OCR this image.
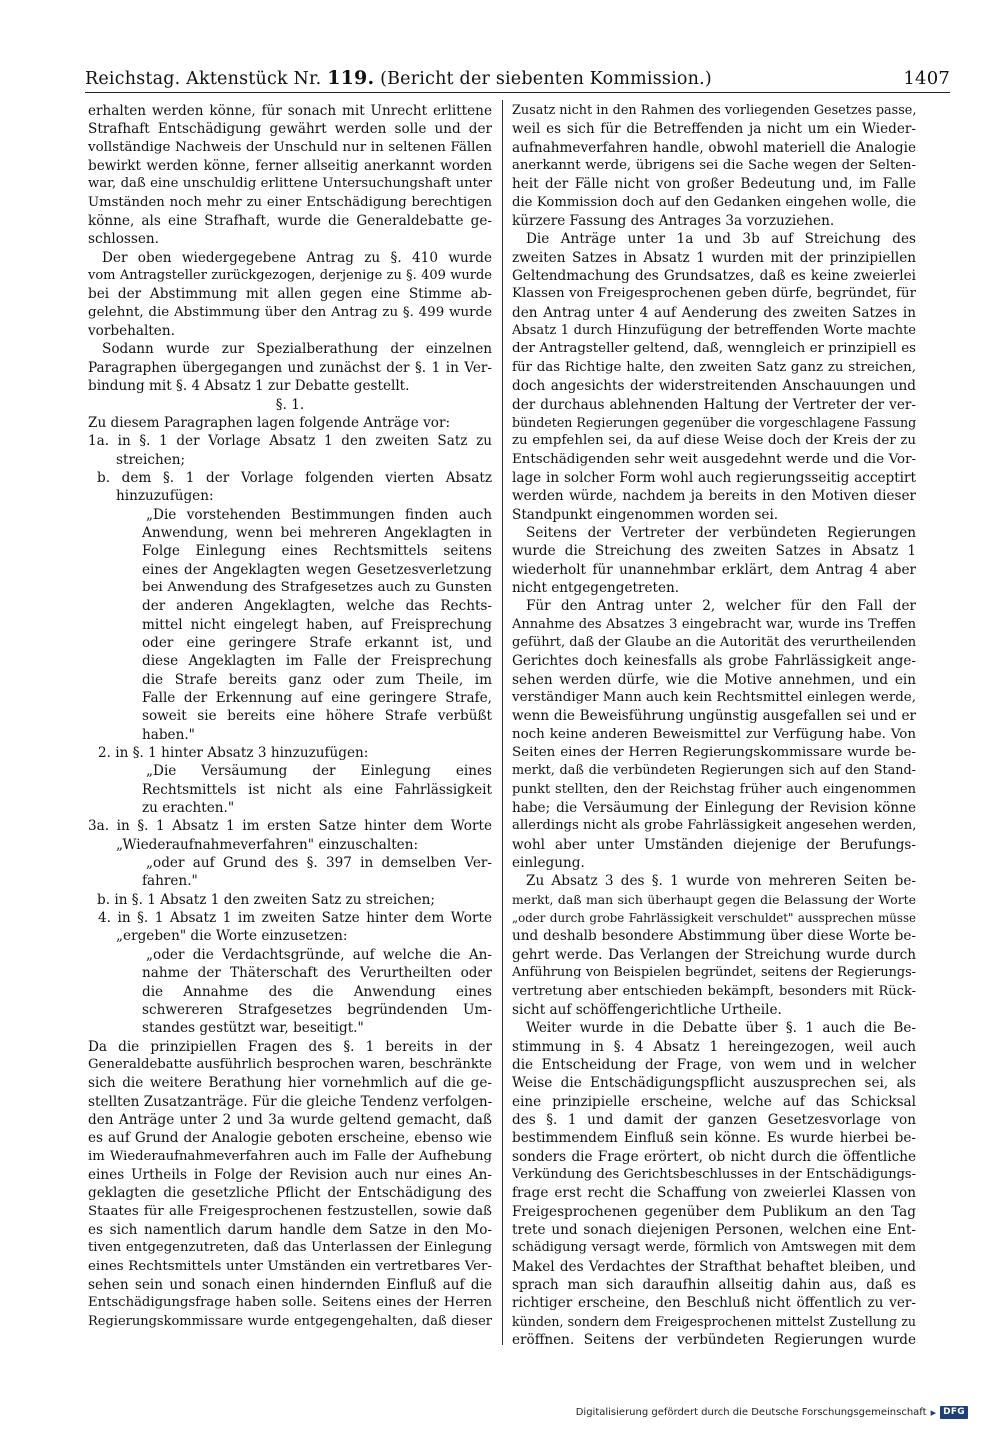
Reichstag. Aktenstück Nr. 119. (Bericht der siebenten Kommission.)	1407
erhalten werden könne, für sonach mit Unrecht erlittene
Strafhaft Entschädigung gewährt werden solle und der
vollständige Nachweis der Unschuld nur in seltenen Fällen
bewirkt werden könne, ferner allseitig anerkannt worden
war, daß eine unschuldig erlittene Untersuchungshaft unter
Umständen noch mehr zu einer Entschädigung berechtigen
könne, als eine Strafhaft, wurde die Generaldebatte ge-
schlossen.
Der oben wiedergegebene Antrag zu §. 410 wurde
vom Antragsteller zurückgezogen, derjenige zu §. 409 wurde
bei der Abstimmung mit allen gegen eine Stimme ab-
gelehnt, die Abstimmung über den Antrag zu §. 499 wurde
vorbehalten.
Sodann wurde zur Spezialberathung der einzelnen
Paragraphen übergegangen und zunächst der §. 1 in Ver-
bindung mit §. 4 Absatz 1 zur Debatte gestellt.
§. 1.
Zu diesem Paragraphen lagen folgende Anträge vor:
1a. in §. 1 der Vorlage Absatz 1 den zweiten Satz zu
streichen;
b. dem §. 1 der Vorlage folgenden vierten Absatz
hinzuzufügen:
„Die vorstehenden Bestimmungen finden auch
Anwendung, wenn bei mehreren Angeklagten in
Folge Einlegung eines Rechtsmittels seitens
eines der Angeklagten wegen Gesetzesverletzung
bei Anwendung des Strafgesetzes auch zu Gunsten
der anderen Angeklagten, welche das Rechts-
mittel nicht eingelegt haben, auf Freisprechung
oder eine geringere Strafe erkannt ist, und
diese Angeklagten im Falle der Freisprechung
die Strafe bereits ganz oder zum Theile, im
Falle der Erkennung auf eine geringere Strafe,
soweit sie bereits eine höhere Strafe verbüßt
haben."
2. in §. 1 hinter Absatz 3 hinzuzufügen:
„Die Versäumung der Einlegung eines
Rechtsmittels ist nicht als eine Fahrlässigkeit
zu erachten."
3a. in §. 1 Absatz 1 im ersten Satze hinter dem Worte
„Wiederaufnahmeverfahren" einzuschalten:
„oder auf Grund des §. 397 in demselben Ver-
fahren."
b. in §. 1 Absatz 1 den zweiten Satz zu streichen;
4. in §. 1 Absatz 1 im zweiten Satze hinter dem Worte
„ergeben" die Worte einzusetzen:
„oder die Verdachtsgründe, auf welche die An-
nahme der Thäterschaft des Verurtheilten oder
die Annahme des die Anwendung eines
schwereren Strafgesetzes begründenden Um-
standes gestützt war, beseitigt."
Da die prinzipiellen Fragen des §. 1 bereits in der
Generaldebatte ausführlich besprochen waren, beschränkte
sich die weitere Berathung hier vornehmlich auf die ge-
stellten Zusatzanträge. Für die gleiche Tendenz verfolgen-
den Anträge unter 2 und 3a wurde geltend gemacht, daß
es auf Grund der Analogie geboten erscheine, ebenso wie
im Wiederaufnahmeverfahren auch im Falle der Aufhebung
eines Urtheils in Folge der Revision auch nur eines An-
geklagten die gesetzliche Pflicht der Entschädigung des
Staates für alle Freigesprochenen festzustellen, sowie daß
es sich namentlich darum handle dem Satze in den Mo-
tiven entgegenzutreten, daß das Unterlassen der Einlegung
eines Rechtsmittels unter Umständen ein vertretbares Ver-
sehen sein und sonach einen hindernden Einfluß auf die
Entschädigungsfrage haben solle. Seitens eines der Herren
Regierungskommissare wurde entgegengehalten, daß dieser
Zusatz nicht in den Rahmen des vorliegenden Gesetzes passe,
weil es sich für die Betreffenden ja nicht um ein Wieder-
aufnahmeverfahren handle, obwohl materiell die Analogie
anerkannt werde, übrigens sei die Sache wegen der Selten-
heit der Fälle nicht von großer Bedeutung und, im Falle
die Kommission doch auf den Gedanken eingehen wolle, die
kürzere Fassung des Antrages 3a vorzuziehen.
Die Anträge unter 1a und 3b auf Streichung des
zweiten Satzes in Absatz 1 wurden mit der prinzipiellen
Geltendmachung des Grundsatzes, daß es keine zweierlei
Klassen von Freigesprochenen geben dürfe, begründet, für
den Antrag unter 4 auf Aenderung des zweiten Satzes in
Absatz 1 durch Hinzufügung der betreffenden Worte machte
der Antragsteller geltend, daß, wenngleich er prinzipiell es
für das Richtige halte, den zweiten Satz ganz zu streichen,
doch angesichts der widerstreitenden Anschauungen und
der durchaus ablehnenden Haltung der Vertreter der ver-
bündeten Regierungen gegenüber die vorgeschlagene Fassung
zu empfehlen sei, da auf diese Weise doch der Kreis der zu
Entschädigenden sehr weit ausgedehnt werde und die Vor-
lage in solcher Form wohl auch regierungsseitig acceptirt
werden würde, nachdem ja bereits in den Motiven dieser
Standpunkt eingenommen worden sei.
Seitens der Vertreter der verbündeten Regierungen
wurde die Streichung des zweiten Satzes in Absatz 1
wiederholt für unannehmbar erklärt, dem Antrag 4 aber
nicht entgegengetreten.
Für den Antrag unter 2, welcher für den Fall der
Annahme des Absatzes 3 eingebracht war, wurde ins Treffen
geführt, daß der Glaube an die Autorität des verurtheilenden
Gerichtes doch keinesfalls als grobe Fahrlässigkeit ange-
sehen werden dürfe, wie die Motive annehmen, und ein
verständiger Mann auch kein Rechtsmittel einlegen werde,
wenn die Beweisführung ungünstig ausgefallen sei und er
noch keine anderen Beweismittel zur Verfügung habe. Von
Seiten eines der Herren Regierungskommissare wurde be-
merkt, daß die verbündeten Regierungen sich auf den Stand-
punkt stellten, den der Reichstag früher auch eingenommen
habe; die Versäumung der Einlegung der Revision könne
allerdings nicht als grobe Fahrlässigkeit angesehen werden,
wohl aber unter Umständen diejenige der Berufungs-
einlegung.
Zu Absatz 3 des §. 1 wurde von mehreren Seiten be-
merkt, daß man sich überhaupt gegen die Belassung der Worte
„oder durch grobe Fahrlässigkeit verschuldet" aussprechen müsse
und deshalb besondere Abstimmung über diese Worte be-
gehrt werde. Das Verlangen der Streichung wurde durch
Anführung von Beispielen begründet, seitens der Regierungs-
vertretung aber entschieden bekämpft, besonders mit Rück-
sicht auf schöffengerichtliche Urtheile.
Weiter wurde in die Debatte über §. 1 auch die Be-
stimmung in §. 4 Absatz 1 hereingezogen, weil auch
die Entscheidung der Frage, von wem und in welcher
Weise die Entschädigungspflicht auszusprechen sei, als
eine prinzipielle erscheine, welche auf das Schicksal
des §. 1 und damit der ganzen Gesetzesvorlage von
bestimmendem Einfluß sein könne. Es wurde hierbei be-
sonders die Frage erörtert, ob nicht durch die öffentliche
Verkündung des Gerichtsbeschlusses in der Entschädigungs-
frage erst recht die Schaffung von zweierlei Klassen von
Freigesprochenen gegenüber dem Publikum an den Tag
trete und sonach diejenigen Personen, welchen eine Ent-
schädigung versagt werde, förmlich von Amtswegen mit dem
Makel des Verdachtes der Strafthat behaftet bleiben, und
sprach man sich daraufhin allseitig dahin aus, daß es
richtiger erscheine, den Beschluß nicht öffentlich zu ver-
künden, sondern dem Freigesprochenen mittelst Zustellung zu
eröffnen. Seitens der verbündeten Regierungen wurde
Digitalisierung gefördert durch die Deutsche Forschungsgemeinschaft ▸ DFG
